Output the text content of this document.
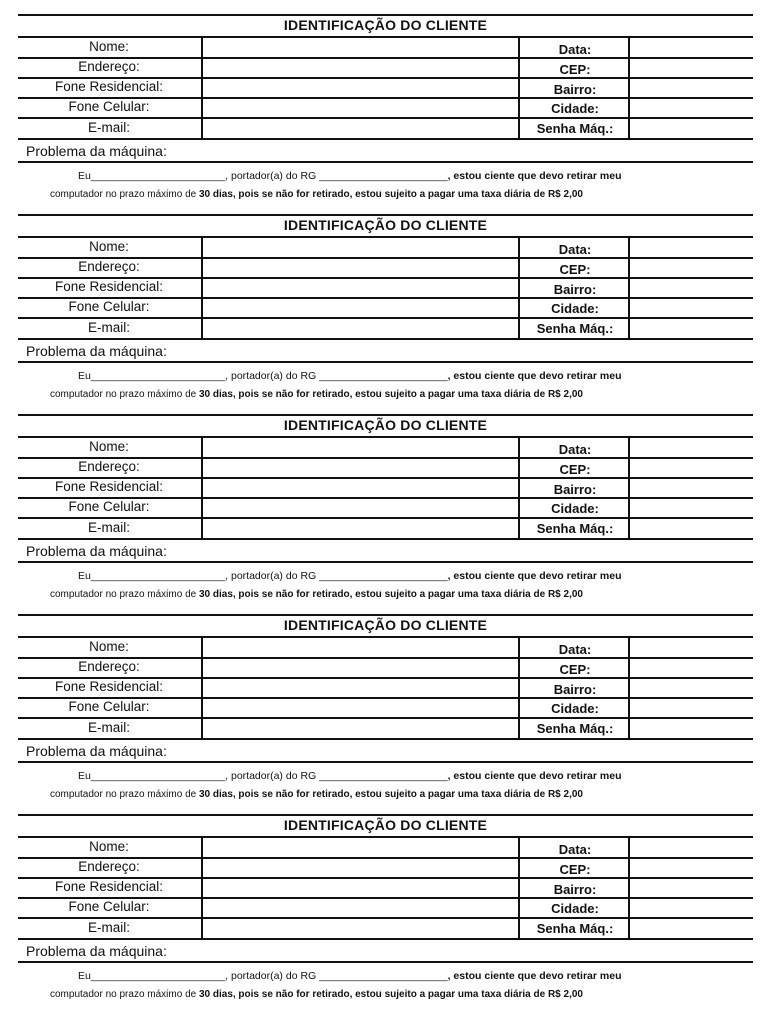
IDENTIFICAÇÃO DO CLIENTE
Nome:
Endereço:
Fone Residencial:
Fone Celular:
E-mail:
Data:
CEP:
Bairro:
Cidade:
Senha Máq.:
Problema da máquina:
Eu_______________________, portador(a) do RG ______________________, estou ciente que devo retirar meu
computador no prazo máximo de 30 dias, pois se não for retirado, estou sujeito a pagar uma taxa diária de R$ 2,00
IDENTIFICAÇÃO DO CLIENTE
Nome:
Endereço:
Fone Residencial:
Fone Celular:
E-mail:
Data:
CEP:
Bairro:
Cidade:
Senha Máq.:
Problema da máquina:
Eu_______________________, portador(a) do RG ______________________, estou ciente que devo retirar meu
computador no prazo máximo de 30 dias, pois se não for retirado, estou sujeito a pagar uma taxa diária de R$ 2,00
IDENTIFICAÇÃO DO CLIENTE
Nome:
Endereço:
Fone Residencial:
Fone Celular:
E-mail:
Data:
CEP:
Bairro:
Cidade:
Senha Máq.:
Problema da máquina:
Eu_______________________, portador(a) do RG ______________________, estou ciente que devo retirar meu
computador no prazo máximo de 30 dias, pois se não for retirado, estou sujeito a pagar uma taxa diária de R$ 2,00
IDENTIFICAÇÃO DO CLIENTE
Nome:
Endereço:
Fone Residencial:
Fone Celular:
E-mail:
Data:
CEP:
Bairro:
Cidade:
Senha Máq.:
Problema da máquina:
Eu_______________________, portador(a) do RG ______________________, estou ciente que devo retirar meu
computador no prazo máximo de 30 dias, pois se não for retirado, estou sujeito a pagar uma taxa diária de R$ 2,00
IDENTIFICAÇÃO DO CLIENTE
Nome:
Endereço:
Fone Residencial:
Fone Celular:
E-mail:
Data:
CEP:
Bairro:
Cidade:
Senha Máq.:
Problema da máquina:
Eu_______________________, portador(a) do RG ______________________, estou ciente que devo retirar meu
computador no prazo máximo de 30 dias, pois se não for retirado, estou sujeito a pagar uma taxa diária de R$ 2,00
